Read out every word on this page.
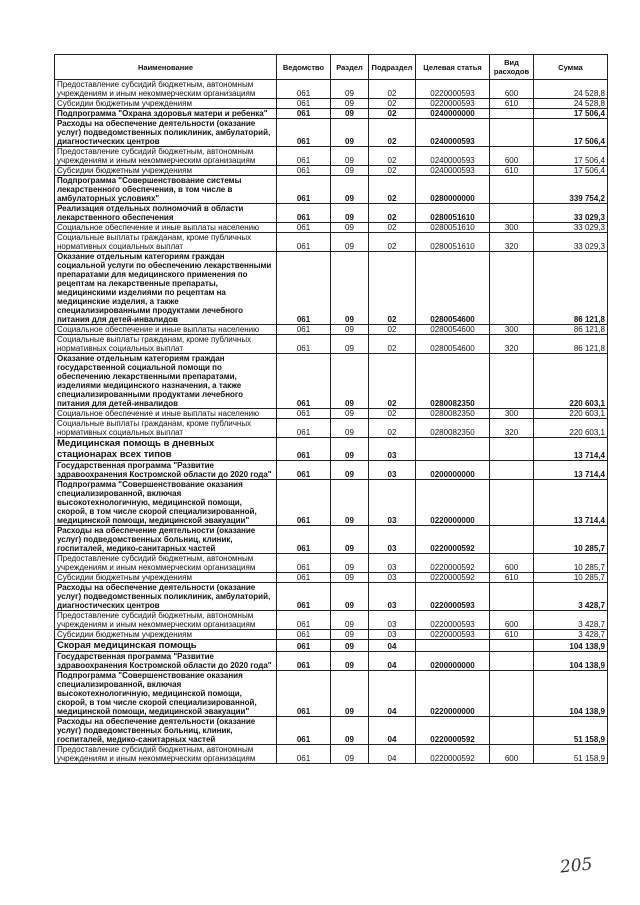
Наименование	Ведомство	Раздел	Подраздел	Целевая статья	Вид расходов	Сумма
Предоставление субсидий бюджетным, автономным учреждениям и иным некоммерческим организациям	061	09	02	0220000593	600	24 528,8
Субсидии бюджетным учреждениям	061	09	02	0220000593	610	24 528,8
Подпрограмма "Охрана здоровья матери и ребенка"	061	09	02	0240000000		17 506,4
Расходы на обеспечение деятельности (оказание услуг) подведомственных поликлиник, амбулаторий, диагностических центров	061	09	02	0240000593		17 506,4
Предоставление субсидий бюджетным, автономным учреждениям и иным некоммерческим организациям	061	09	02	0240000593	600	17 506,4
Субсидии бюджетным учреждениям	061	09	02	0240000593	610	17 506,4
Подпрограмма "Совершенствование системы лекарственного обеспечения, в том числе в амбулаторных условиях"	061	09	02	0280000000		339 754,2
Реализация отдельных полномочий в области лекарственного обеспечения	061	09	02	0280051610		33 029,3
Социальное обеспечение и иные выплаты населению	061	09	02	0280051610	300	33 029,3
Социальные выплаты гражданам, кроме публичных нормативных социальных выплат	061	09	02	0280051610	320	33 029,3
Оказание отдельным категориям граждан социальной услуги по обеспечению лекарственными препаратами для медицинского применения по рецептам на лекарственные препараты, медицинскими изделиями по рецептам на медицинские изделия, а также специализированными продуктами лечебного питания для детей-инвалидов	061	09	02	0280054600		86 121,8
Социальное обеспечение и иные выплаты населению	061	09	02	0280054600	300	86 121,8
Социальные выплаты гражданам, кроме публичных нормативных социальных выплат	061	09	02	0280054600	320	86 121,8
Оказание отдельным категориям граждан государственной социальной помощи по обеспечению лекарственными препаратами, изделиями медицинского назначения, а также специализированными продуктами лечебного питания для детей-инвалидов	061	09	02	0280082350		220 603,1
Социальное обеспечение и иные выплаты населению	061	09	02	0280082350	300	220 603,1
Социальные выплаты гражданам, кроме публичных нормативных социальных выплат	061	09	02	0280082350	320	220 603,1
Медицинская помощь в дневных стационарах всех типов	061	09	03			13 714,4
Государственная программа "Развитие здравоохранения Костромской области до 2020 года"	061	09	03	0200000000		13 714,4
Подпрограмма "Совершенствование оказания специализированной, включая высокотехнологичную, медицинской помощи, скорой, в том числе скорой специализированной, медицинской помощи, медицинской эвакуации"	061	09	03	0220000000		13 714,4
Расходы на обеспечение деятельности (оказание услуг) подведомственных больниц, клиник, госпиталей, медико-санитарных частей	061	09	03	0220000592		10 285,7
Предоставление субсидий бюджетным, автономным учреждениям и иным некоммерческим организациям	061	09	03	0220000592	600	10 285,7
Субсидии бюджетным учреждениям	061	09	03	0220000592	610	10 285,7
Расходы на обеспечение деятельности (оказание услуг) подведомственных поликлиник, амбулаторий, диагностических центров	061	09	03	0220000593		3 428,7
Предоставление субсидий бюджетным, автономным учреждениям и иным некоммерческим организациям	061	09	03	0220000593	600	3 428,7
Субсидии бюджетным учреждениям	061	09	03	0220000593	610	3 428,7
Скорая медицинская помощь	061	09	04			104 138,9
Государственная программа "Развитие здравоохранения Костромской области до 2020 года"	061	09	04	0200000000		104 138,9
Подпрограмма "Совершенствование оказания специализированной, включая высокотехнологичную, медицинской помощи, скорой, в том числе скорой специализированной, медицинской помощи, медицинской эвакуации"	061	09	04	0220000000		104 138,9
Расходы на обеспечение деятельности (оказание услуг) подведомственных больниц, клиник, госпиталей, медико-санитарных частей	061	09	04	0220000592		51 158,9
Предоставление субсидий бюджетным, автономным учреждениям и иным некоммерческим организациям	061	09	04	0220000592	600	51 158,9
205
